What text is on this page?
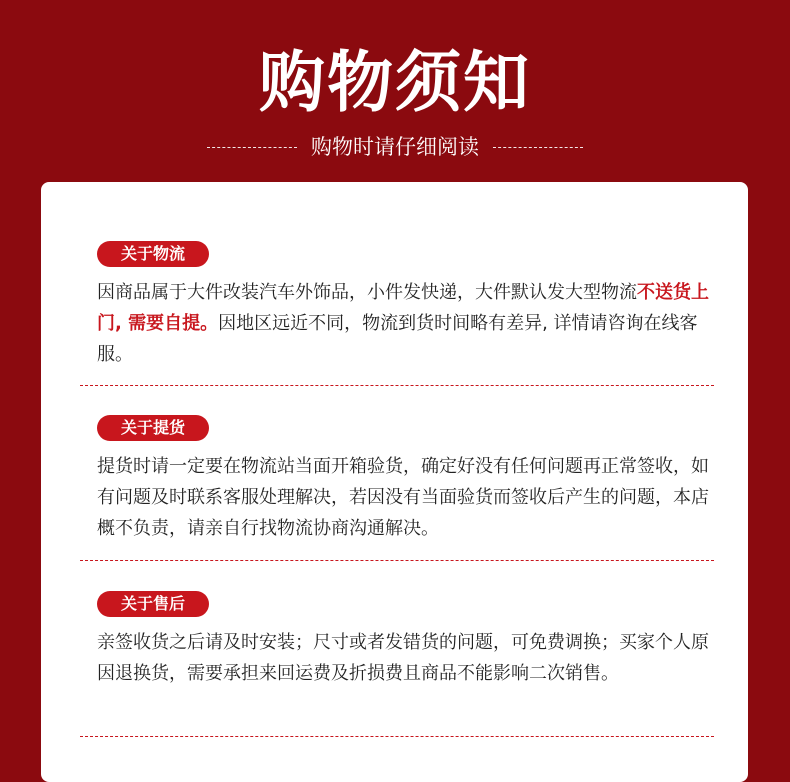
购物须知
购物时请仔细阅读
关于物流

因商品属于大件改装汽车外饰品，小件发快递，大件默认发大型物流不送货上门, 需要自提。因地区远近不同，物流到货时间略有差异, 详情请咨询在线客服。

关于提货

提货时请一定要在物流站当面开箱验货，确定好没有任何问题再正常签收，如有问题及时联系客服处理解决，若因没有当面验货而签收后产生的问题，本店概不负责，请亲自行找物流协商沟通解决。

关于售后

亲签收货之后请及时安装；尺寸或者发错货的问题，可免费调换；买家个人原因退换货，需要承担来回运费及折损费且商品不能影响二次销售。
